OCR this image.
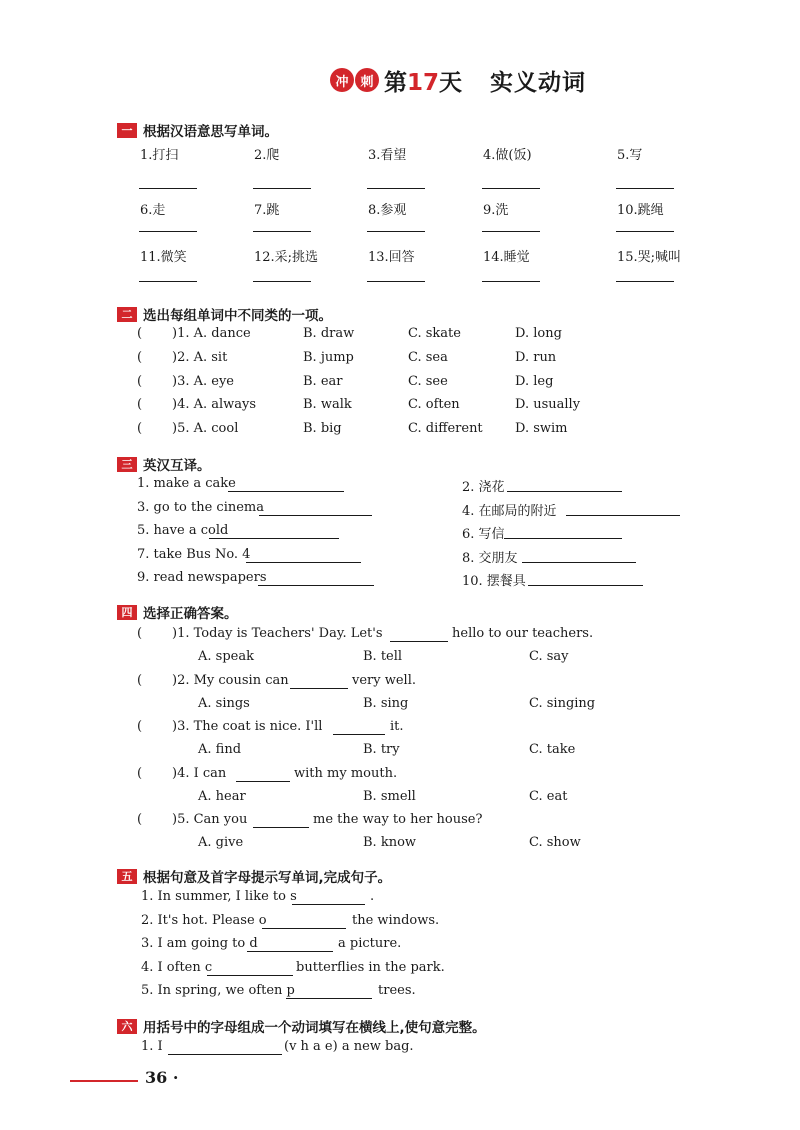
冲 刺 第17天 实义动词
一 根据汉语意思写单词。
1.打扫	2.爬	3.看望	4.做(饭)	5.写
6.走	7.跳	8.参观	9.洗	10.跳绳
11.微笑	12.采;挑选	13.回答	14.睡觉	15.哭;喊叫
二 选出每组单词中不同类的一项。
( )1. A. dance	B. draw	C. skate	D. long
( )2. A. sit	B. jump	C. sea	D. run
( )3. A. eye	B. ear	C. see	D. leg
( )4. A. always	B. walk	C. often	D. usually
( )5. A. cool	B. big	C. different D. swim
三 英汉互译。
1. make a cake	2. 浇花
3. go to the cinema	4. 在邮局的附近
5. have a cold	6. 写信
7. take Bus No. 4	8. 交朋友
9. read newspapers	10. 摆餐具
四 选择正确答案。
( )1. Today is Teachers' Day. Let's	hello to our teachers.
A. speak	B. tell	C. say
( )2. My cousin can	very well.
A. sings	B. sing	C. singing
( )3. The coat is nice. I'll	it.
A. find	B. try	C. take
( )4. I can	with my mouth.
A. hear	B. smell	C. eat
( )5. Can you	me the way to her house?
A. give	B. know	C. show
五 根据句意及首字母提示写单词,完成句子。
1. In summer, I like to s	.
2. It's hot. Please o	the windows.
3. I am going to d	a picture.
4. I often c	butterflies in the park.
5. In spring, we often p	trees.
六 用括号中的字母组成一个动词填写在横线上,使句意完整。
1. I	(v h a e) a new bag.
36 ·
